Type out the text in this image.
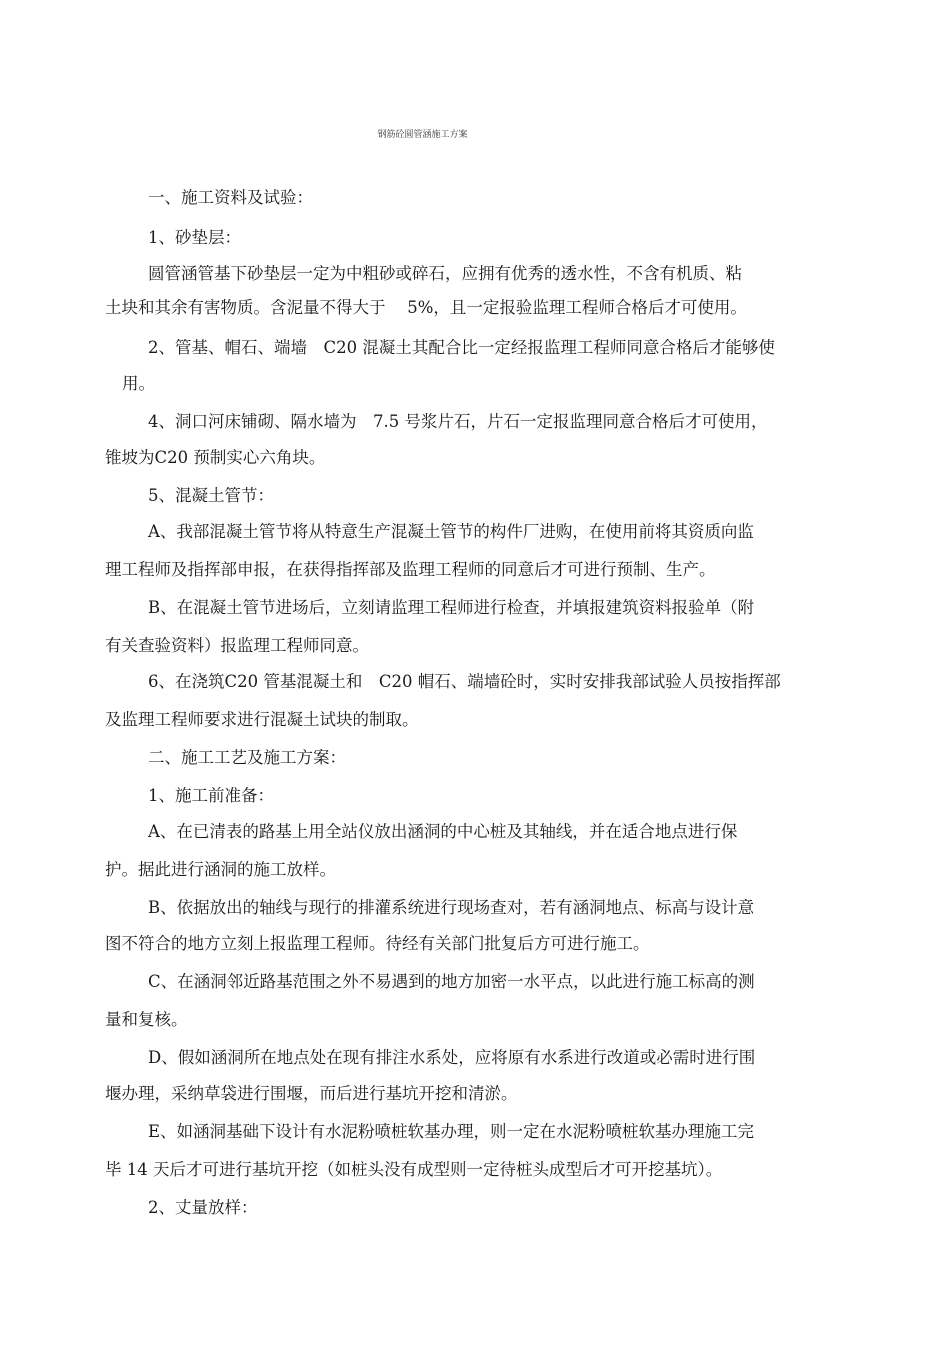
钢筋砼圆管涵施工方案
一、施工资料及试验：
1、砂垫层：
圆管涵管基下砂垫层一定为中粗砂或碎石，应拥有优秀的透水性，不含有机质、粘
土块和其余有害物质。含泥量不得大于　 5%，且一定报验监理工程师合格后才可使用。
2、管基、帽石、端墙　C20 混凝土其配合比一定经报监理工程师同意合格后才能够使
用。
4、洞口河床铺砌、隔水墙为　7.5 号浆片石，片石一定报监理同意合格后才可使用，
锥坡为C20 预制实心六角块。
5、混凝土管节：
A、我部混凝土管节将从特意生产混凝土管节的构件厂进购，在使用前将其资质向监
理工程师及指挥部申报，在获得指挥部及监理工程师的同意后才可进行预制、生产。
B、在混凝土管节进场后，立刻请监理工程师进行检查，并填报建筑资料报验单（附
有关查验资料）报监理工程师同意。
6、在浇筑C20 管基混凝土和　C20 帽石、端墙砼时，实时安排我部试验人员按指挥部
及监理工程师要求进行混凝土试块的制取。
二、施工工艺及施工方案：
1、施工前准备：
A、在已清表的路基上用全站仪放出涵洞的中心桩及其轴线，并在适合地点进行保
护。据此进行涵洞的施工放样。
B、依据放出的轴线与现行的排灌系统进行现场查对，若有涵洞地点、标高与设计意
图不符合的地方立刻上报监理工程师。待经有关部门批复后方可进行施工。
C、在涵洞邻近路基范围之外不易遇到的地方加密一水平点，以此进行施工标高的测
量和复核。
D、假如涵洞所在地点处在现有排注水系处，应将原有水系进行改道或必需时进行围
堰办理，采纳草袋进行围堰，而后进行基坑开挖和清淤。
E、如涵洞基础下设计有水泥粉喷桩软基办理，则一定在水泥粉喷桩软基办理施工完
毕 14 天后才可进行基坑开挖（如桩头没有成型则一定待桩头成型后才可开挖基坑）。
2、丈量放样：
